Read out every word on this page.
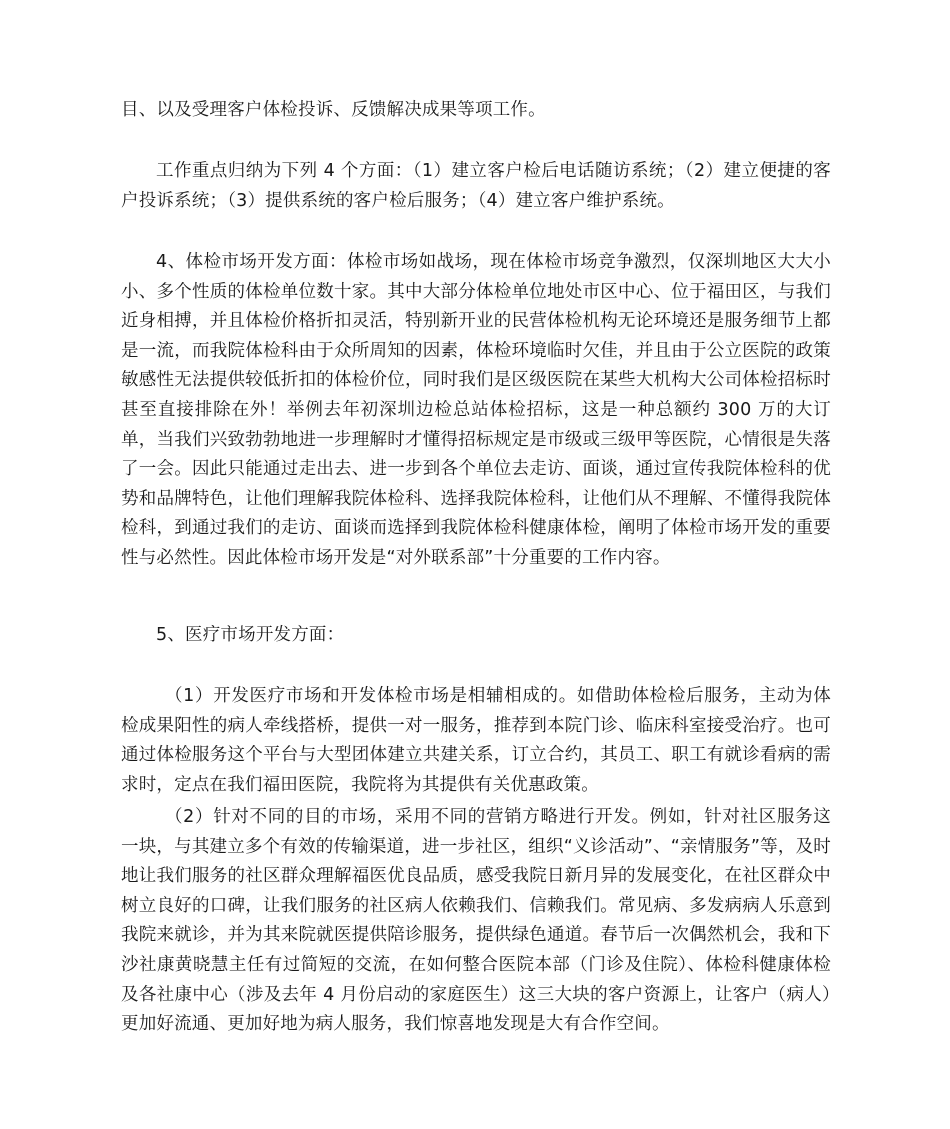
目、以及受理客户体检投诉、反馈解决成果等项工作。

工作重点归纳为下列 4 个方面：（1）建立客户检后电话随访系统；（2）建立便捷的客户投诉系统；（3）提供系统的客户检后服务；（4）建立客户维护系统。

4、体检市场开发方面：体检市场如战场，现在体检市场竞争激烈，仅深圳地区大大小小、多个性质的体检单位数十家。其中大部分体检单位地处市区中心、位于福田区，与我们近身相搏，并且体检价格折扣灵活，特别新开业的民营体检机构无论环境还是服务细节上都是一流，而我院体检科由于众所周知的因素，体检环境临时欠佳，并且由于公立医院的政策敏感性无法提供较低折扣的体检价位，同时我们是区级医院在某些大机构大公司体检招标时甚至直接排除在外！举例去年初深圳边检总站体检招标，这是一种总额约 300 万的大订单，当我们兴致勃勃地进一步理解时才懂得招标规定是市级或三级甲等医院，心情很是失落了一会。因此只能通过走出去、进一步到各个单位去走访、面谈，通过宣传我院体检科的优势和品牌特色，让他们理解我院体检科、选择我院体检科，让他们从不理解、不懂得我院体检科，到通过我们的走访、面谈而选择到我院体检科健康体检，阐明了体检市场开发的重要性与必然性。因此体检市场开发是“对外联系部”十分重要的工作内容。

5、医疗市场开发方面：

（1）开发医疗市场和开发体检市场是相辅相成的。如借助体检检后服务，主动为体检成果阳性的病人牵线搭桥，提供一对一服务，推荐到本院门诊、临床科室接受治疗。也可通过体检服务这个平台与大型团体建立共建关系，订立合约，其员工、职工有就诊看病的需求时，定点在我们福田医院，我院将为其提供有关优惠政策。

（2）针对不同的目的市场，采用不同的营销方略进行开发。例如，针对社区服务这一块，与其建立多个有效的传输渠道，进一步社区，组织“义诊活动”、“亲情服务”等，及时地让我们服务的社区群众理解福医优良品质，感受我院日新月异的发展变化，在社区群众中树立良好的口碑，让我们服务的社区病人依赖我们、信赖我们。常见病、多发病病人乐意到我院来就诊，并为其来院就医提供陪诊服务，提供绿色通道。春节后一次偶然机会，我和下沙社康黄晓慧主任有过简短的交流，在如何整合医院本部（门诊及住院）、体检科健康体检及各社康中心（涉及去年 4 月份启动的家庭医生）这三大块的客户资源上，让客户（病人）更加好流通、更加好地为病人服务，我们惊喜地发现是大有合作空间。
